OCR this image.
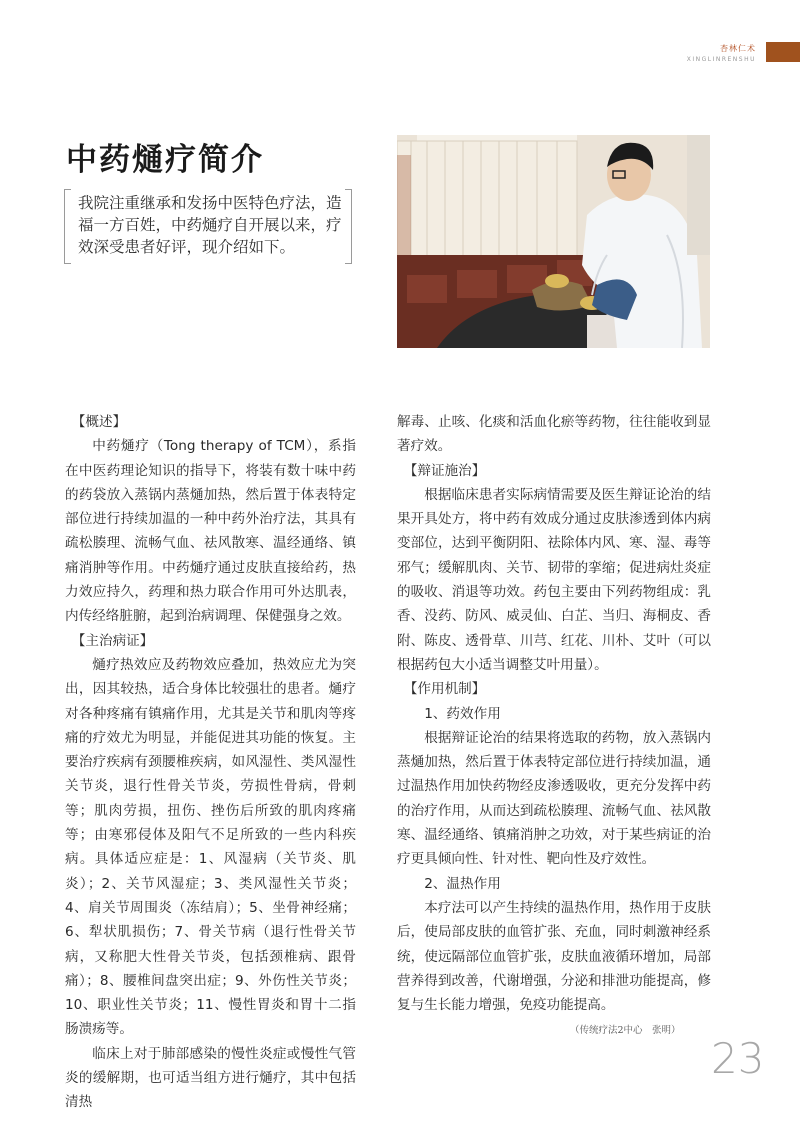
杏林仁术
XINGLINRENSHU
中药熥疗简介
我院注重继承和发扬中医特色疗法，造福一方百姓，中药熥疗自开展以来，疗效深受患者好评，现介绍如下。

【概述】

中药熥疗（Tong therapy of TCM），系指在中医药理论知识的指导下，将装有数十味中药的药袋放入蒸锅内蒸熥加热，然后置于体表特定部位进行持续加温的一种中药外治疗法，其具有疏松腠理、流畅气血、祛风散寒、温经通络、镇痛消肿等作用。中药熥疗通过皮肤直接给药，热力效应持久，药理和热力联合作用可外达肌表，内传经络脏腑，起到治病调理、保健强身之效。

【主治病证】

熥疗热效应及药物效应叠加，热效应尤为突出，因其较热，适合身体比较强壮的患者。熥疗对各种疼痛有镇痛作用，尤其是关节和肌肉等疼痛的疗效尤为明显，并能促进其功能的恢复。主要治疗疾病有颈腰椎疾病，如风湿性、类风湿性关节炎，退行性骨关节炎，劳损性骨病，骨刺等；肌肉劳损，扭伤、挫伤后所致的肌肉疼痛等；由寒邪侵体及阳气不足所致的一些内科疾病。具体适应症是：1、风湿病（关节炎、肌炎）；2、关节风湿症；3、类风湿性关节炎；4、肩关节周围炎（冻结肩）；5、坐骨神经痛；6、犁状肌损伤；7、骨关节病（退行性骨关节病，又称肥大性骨关节炎，包括颈椎病、跟骨痛）；8、腰椎间盘突出症；9、外伤性关节炎；10、职业性关节炎；11、慢性胃炎和胃十二指肠溃疡等。

临床上对于肺部感染的慢性炎症或慢性气管炎的缓解期，也可适当组方进行熥疗，其中包括清热

解毒、止咳、化痰和活血化瘀等药物，往往能收到显著疗效。

【辩证施治】

根据临床患者实际病情需要及医生辩证论治的结果开具处方，将中药有效成分通过皮肤渗透到体内病变部位，达到平衡阴阳、祛除体内风、寒、湿、毒等邪气；缓解肌肉、关节、韧带的挛缩；促进病灶炎症的吸收、消退等功效。药包主要由下列药物组成：乳香、没药、防风、威灵仙、白芷、当归、海桐皮、香附、陈皮、透骨草、川芎、红花、川朴、艾叶（可以根据药包大小适当调整艾叶用量）。

【作用机制】

1、药效作用

根据辩证论治的结果将选取的药物，放入蒸锅内蒸熥加热，然后置于体表特定部位进行持续加温，通过温热作用加快药物经皮渗透吸收，更充分发挥中药的治疗作用，从而达到疏松腠理、流畅气血、祛风散寒、温经通络、镇痛消肿之功效，对于某些病证的治疗更具倾向性、针对性、靶向性及疗效性。

2、温热作用

本疗法可以产生持续的温热作用，热作用于皮肤后，使局部皮肤的血管扩张、充血，同时刺激神经系统，使远隔部位血管扩张，皮肤血液循环增加，局部营养得到改善，代谢增强，分泌和排泄功能提高，修复与生长能力增强，免疫功能提高。

（传统疗法2中心　张明）
23
